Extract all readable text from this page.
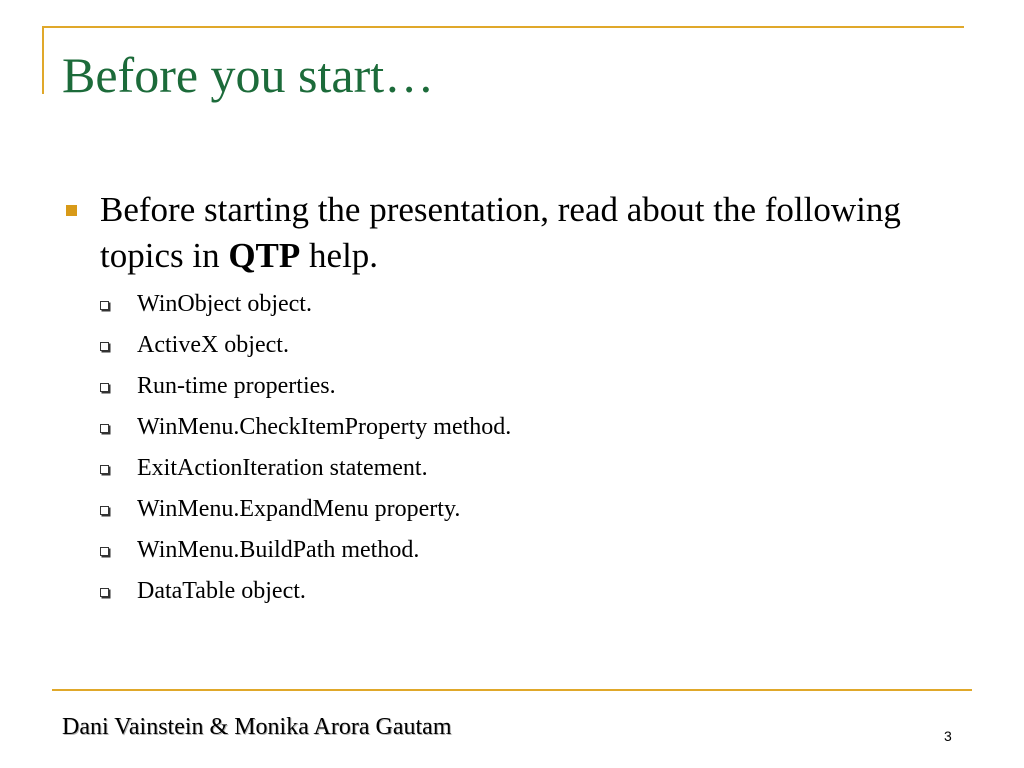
Before you start…
Before starting the presentation, read about the following topics in QTP help.
WinObject object.
ActiveX object.
Run-time properties.
WinMenu.CheckItemProperty method.
ExitActionIteration statement.
WinMenu.ExpandMenu property.
WinMenu.BuildPath method.
DataTable object.
Dani Vainstein & Monika Arora Gautam	3
